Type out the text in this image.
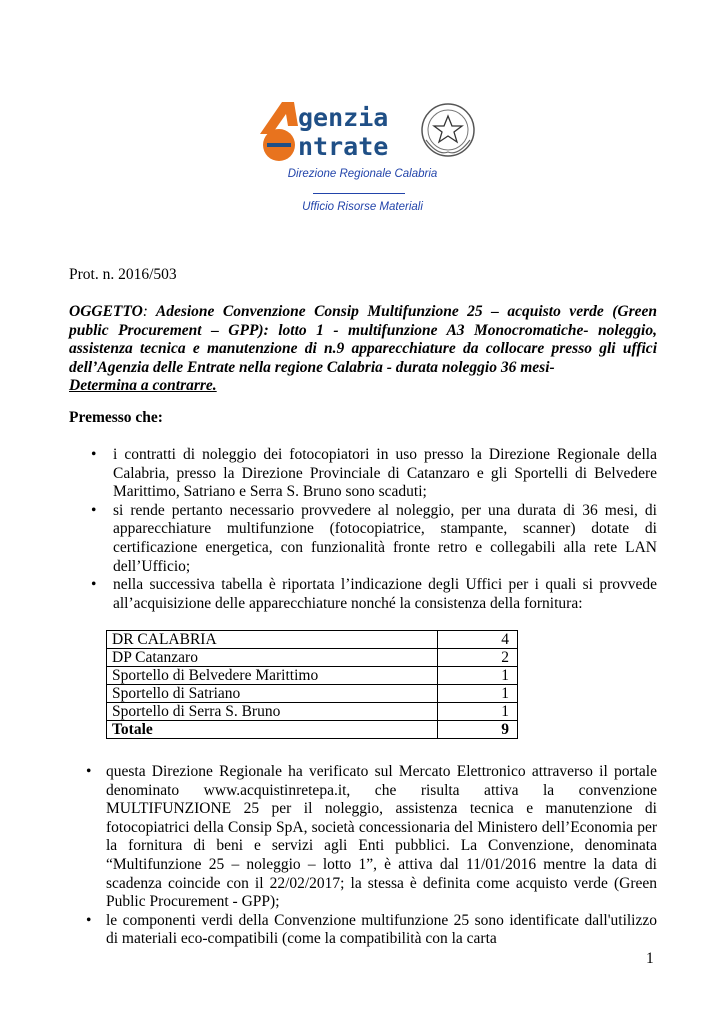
genzia
ntrate
Direzione Regionale Calabria
Ufficio Risorse Materiali
Prot. n. 2016/503
OGGETTO: Adesione Convenzione Consip Multifunzione 25 – acquisto verde (Green public Procurement – GPP): lotto 1 - multifunzione A3 Monocromatiche- noleggio, assistenza tecnica e manutenzione di n.9 apparecchiature da collocare presso gli uffici dell’Agenzia delle Entrate nella regione Calabria - durata noleggio 36 mesi-
Determina a contrarre.
Premesso che:
• i contratti di noleggio dei fotocopiatori in uso presso la Direzione Regionale della Calabria, presso la Direzione Provinciale di Catanzaro e gli Sportelli di Belvedere Marittimo, Satriano e Serra S. Bruno sono scaduti;
• si rende pertanto necessario provvedere al noleggio, per una durata di 36 mesi, di apparecchiature multifunzione (fotocopiatrice, stampante, scanner) dotate di certificazione energetica, con funzionalità fronte retro e collegabili alla rete LAN dell’Ufficio;
• nella successiva tabella è riportata l’indicazione degli Uffici per i quali si provvede all’acquisizione delle apparecchiature nonché la consistenza della fornitura:
DR CALABRIA	4
DP Catanzaro	2
Sportello di Belvedere Marittimo	1
Sportello di Satriano	1
Sportello di Serra S. Bruno	1
Totale	9
• questa Direzione Regionale ha verificato sul Mercato Elettronico attraverso il portale denominato www.acquistinretepa.it, che risulta attiva la convenzione MULTIFUNZIONE 25 per il noleggio, assistenza tecnica e manutenzione di fotocopiatrici della Consip SpA, società concessionaria del Ministero dell’Economia per la fornitura di beni e servizi agli Enti pubblici. La Convenzione, denominata “Multifunzione 25 – noleggio – lotto 1”, è attiva dal 11/01/2016 mentre la data di scadenza coincide con il 22/02/2017; la stessa è definita come acquisto verde (Green Public Procurement - GPP);
• le componenti verdi della Convenzione multifunzione 25 sono identificate dall'utilizzo di materiali eco-compatibili (come la compatibilità con la carta
1
